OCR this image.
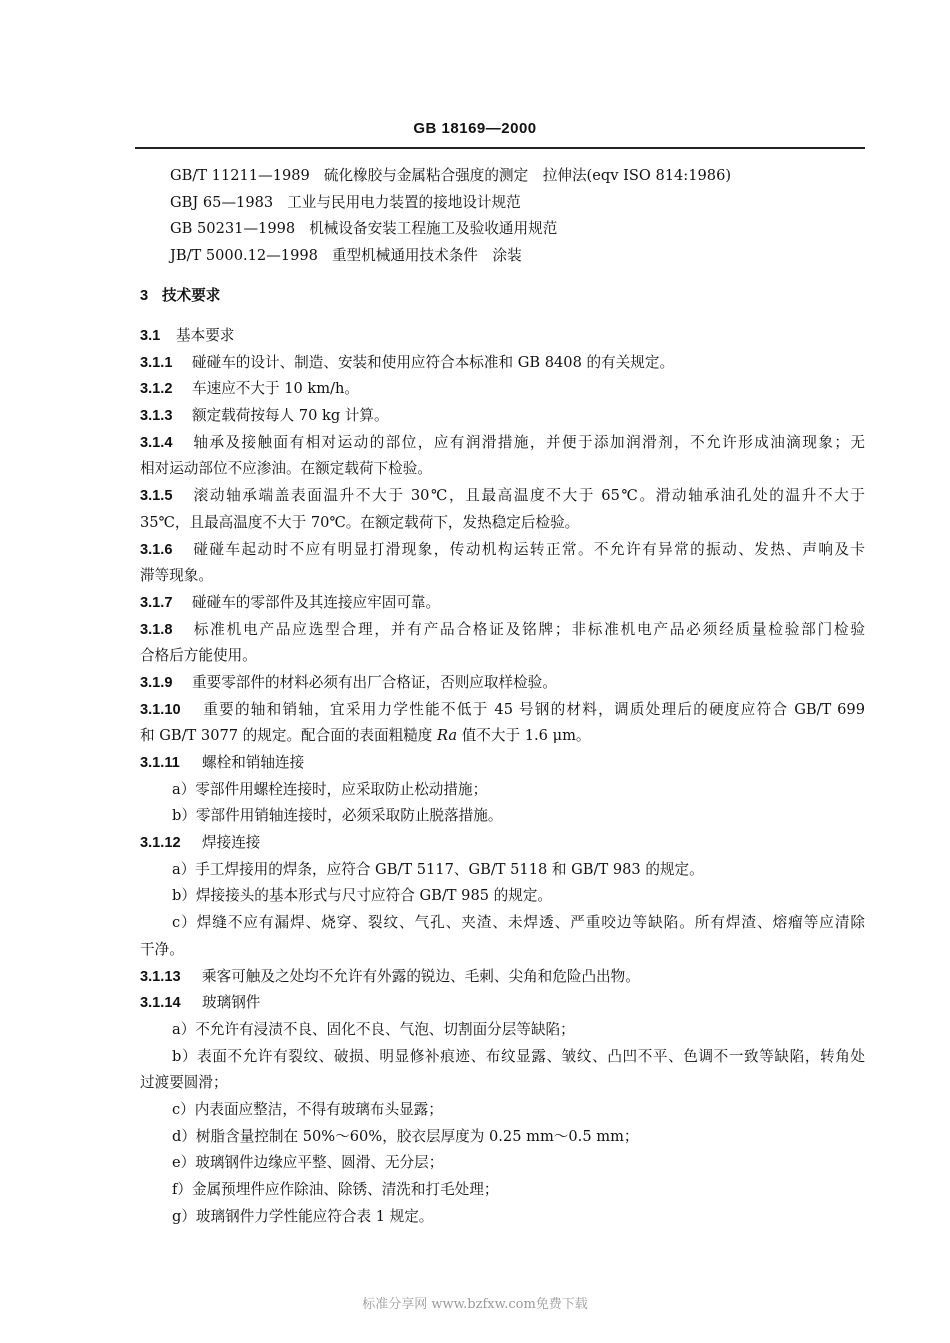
GB 18169—2000
GB/T 11211—1989 硫化橡胶与金属粘合强度的测定　拉伸法(eqv ISO 814:1986)
GBJ 65—1983 工业与民用电力装置的接地设计规范
GB 50231—1998 机械设备安装工程施工及验收通用规范
JB/T 5000.12—1998 重型机械通用技术条件　涂装
3 技术要求
3.1 基本要求
3.1.1 碰碰车的设计、制造、安装和使用应符合本标准和 GB 8408 的有关规定。
3.1.2 车速应不大于 10 km/h。
3.1.3 额定载荷按每人 70 kg 计算。
3.1.4 轴承及接触面有相对运动的部位，应有润滑措施，并便于添加润滑剂，不允许形成油滴现象；无
相对运动部位不应渗油。在额定载荷下检验。
3.1.5 滚动轴承端盖表面温升不大于 30℃，且最高温度不大于 65℃。滑动轴承油孔处的温升不大于
35℃，且最高温度不大于 70℃。在额定载荷下，发热稳定后检验。
3.1.6 碰碰车起动时不应有明显打滑现象，传动机构运转正常。不允许有异常的振动、发热、声响及卡
滞等现象。
3.1.7 碰碰车的零部件及其连接应牢固可靠。
3.1.8 标准机电产品应选型合理，并有产品合格证及铭牌；非标准机电产品必须经质量检验部门检验
合格后方能使用。
3.1.9 重要零部件的材料必须有出厂合格证，否则应取样检验。
3.1.10 重要的轴和销轴，宜采用力学性能不低于 45 号钢的材料，调质处理后的硬度应符合 GB/T 699
和 GB/T 3077 的规定。配合面的表面粗糙度 Ra 值不大于 1.6 μm。
3.1.11 螺栓和销轴连接
a）零部件用螺栓连接时，应采取防止松动措施；
b）零部件用销轴连接时，必须采取防止脱落措施。
3.1.12 焊接连接
a）手工焊接用的焊条，应符合 GB/T 5117、GB/T 5118 和 GB/T 983 的规定。
b）焊接接头的基本形式与尺寸应符合 GB/T 985 的规定。
c）焊缝不应有漏焊、烧穿、裂纹、气孔、夹渣、未焊透、严重咬边等缺陷。所有焊渣、熔瘤等应清除
干净。
3.1.13 乘客可触及之处均不允许有外露的锐边、毛刺、尖角和危险凸出物。
3.1.14 玻璃钢件
a）不允许有浸渍不良、固化不良、气泡、切割面分层等缺陷；
b）表面不允许有裂纹、破损、明显修补痕迹、布纹显露、皱纹、凸凹不平、色调不一致等缺陷，转角处
过渡要圆滑；
c）内表面应整洁，不得有玻璃布头显露；
d）树脂含量控制在 50%～60%，胶衣层厚度为 0.25 mm～0.5 mm；
e）玻璃钢件边缘应平整、圆滑、无分层；
f）金属预埋件应作除油、除锈、清洗和打毛处理；
g）玻璃钢件力学性能应符合表 1 规定。
标准分享网 www.bzfxw.com免费下载
